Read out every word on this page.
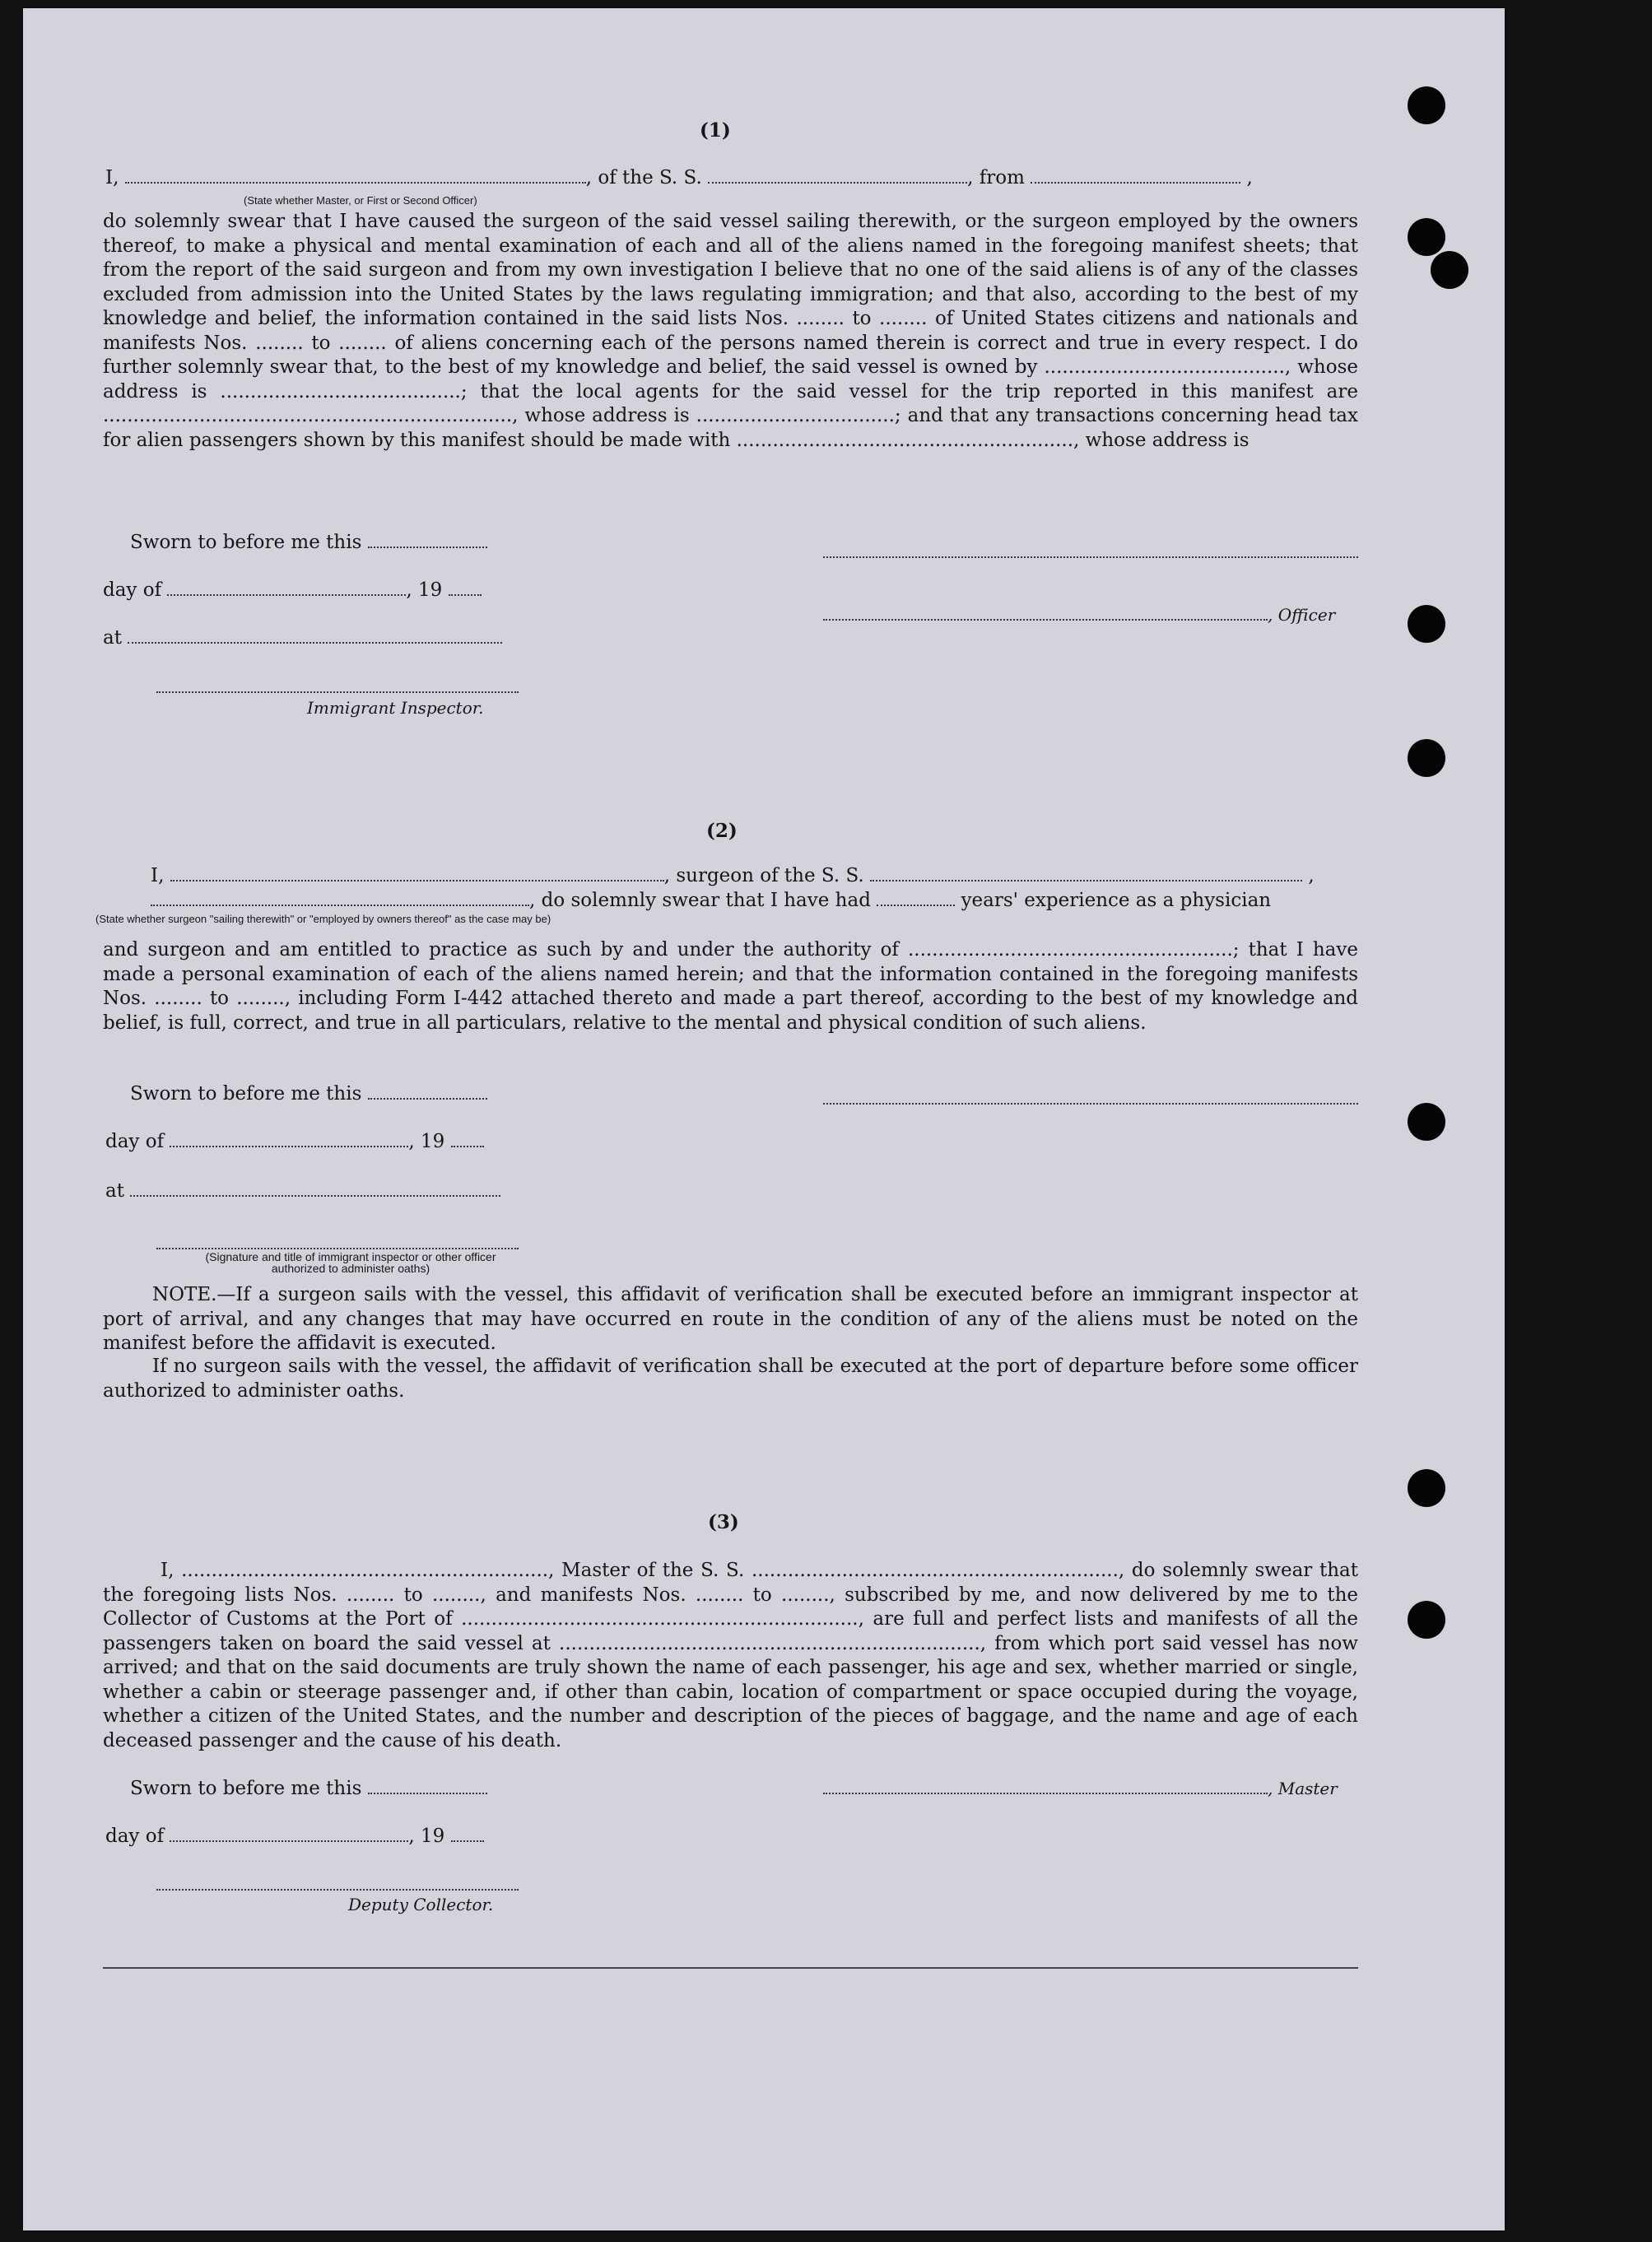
(1)
I,	, of the S. S.	, from	,
(State whether Master, or First or Second Officer)
do solemnly swear that I have caused the surgeon of the said vessel sailing therewith, or the surgeon employed by the owners thereof, to make a physical and mental examination of each and all of the aliens named in the foregoing manifest sheets; that from the report of the said surgeon and from my own investigation I believe that no one of the said aliens is of any of the classes excluded from admission into the United States by the laws regulating immigration; and that also, according to the best of my knowledge and belief, the information contained in the said lists Nos. ........ to ........ of United States citizens and nationals and manifests Nos. ........ to ........ of aliens concerning each of the persons named therein is correct and true in every respect. I do further solemnly swear that, to the best of my knowledge and belief, the said vessel is owned by ........................................, whose address is ........................................; that the local agents for the said vessel for the trip reported in this manifest are ...................................................................., whose address is .................................; and that any transactions concerning head tax for alien passengers shown by this manifest should be made with ........................................................, whose address is
Sworn to before me this
day of	, 19
at
, Officer
Immigrant Inspector.
(2)
I,	, surgeon of the S. S.	,
, do solemnly swear that I have had	years' experience as a physician
(State whether surgeon "sailing therewith" or "employed by owners thereof" as the case may be)
and surgeon and am entitled to practice as such by and under the authority of ......................................................; that I have made a personal examination of each of the aliens named herein; and that the information contained in the foregoing manifests Nos. ........ to ........, including Form I-442 attached thereto and made a part thereof, according to the best of my knowledge and belief, is full, correct, and true in all particulars, relative to the mental and physical condition of such aliens.
Sworn to before me this
day of	, 19
at
(Signature and title of immigrant inspector or other officer authorized to administer oaths)
NOTE.—If a surgeon sails with the vessel, this affidavit of verification shall be executed before an immigrant inspector at port of arrival, and any changes that may have occurred en route in the condition of any of the aliens must be noted on the manifest before the affidavit is executed.
If no surgeon sails with the vessel, the affidavit of verification shall be executed at the port of departure before some officer authorized to administer oaths.
(3)
I, ............................................................., Master of the S. S. ............................................................., do solemnly swear that the foregoing lists Nos. ........ to ........, and manifests Nos. ........ to ........, subscribed by me, and now delivered by me to the Collector of Customs at the Port of .................................................................., are full and perfect lists and manifests of all the passengers taken on board the said vessel at ......................................................................, from which port said vessel has now arrived; and that on the said documents are truly shown the name of each passenger, his age and sex, whether married or single, whether a cabin or steerage passenger and, if other than cabin, location of compartment or space occupied during the voyage, whether a citizen of the United States, and the number and description of the pieces of baggage, and the name and age of each deceased passenger and the cause of his death.
Sworn to before me this	, Master
day of	, 19
Deputy Collector.
